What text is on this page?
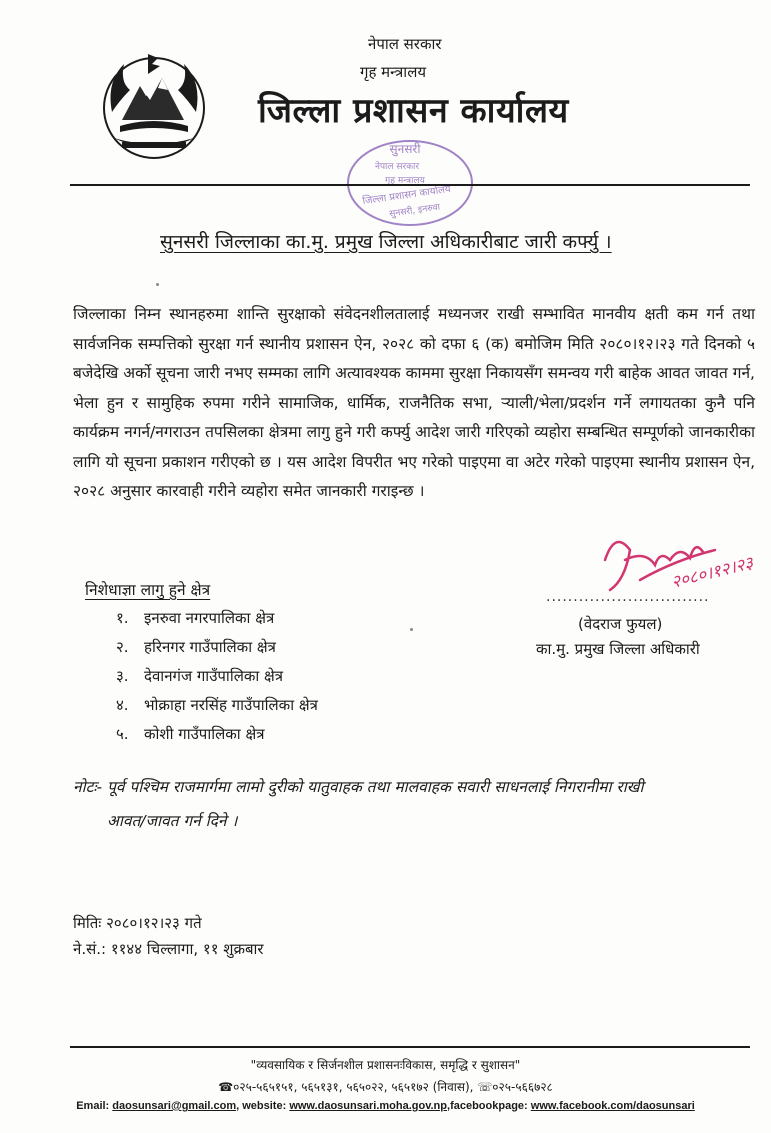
नेपाल सरकार
गृह मन्त्रालय
जिल्ला प्रशासन कार्यालय
सुनसरी
नेपाल सरकार
गृह मन्त्रालय
जिल्ला प्रशासन कार्यालय
सुनसरी, इनरुवा
सुनसरी जिल्लाका का.मु. प्रमुख जिल्ला अधिकारीबाट जारी कर्फ्यु ।
जिल्लाका निम्न स्थानहरुमा शान्ति सुरक्षाको संवेदनशीलतालाई मध्यनजर राखी सम्भावित मानवीय क्षती कम गर्न तथा सार्वजनिक सम्पत्तिको सुरक्षा गर्न स्थानीय प्रशासन ऐन, २०२८ को दफा ६ (क) बमोजिम मिति २०८०।१२।२३ गते दिनको ५ बजेदेखि अर्को सूचना जारी नभए सम्मका लागि अत्यावश्यक काममा सुरक्षा निकायसँग समन्वय गरी बाहेक आवत जावत गर्न, भेला हुन र सामुहिक रुपमा गरीने सामाजिक, धार्मिक, राजनैतिक सभा, र्‍याली/भेला/प्रदर्शन गर्ने लगायतका कुनै पनि कार्यक्रम नगर्न/नगराउन तपसिलका क्षेत्रमा लागु हुने गरी कर्फ्यु आदेश जारी गरिएको व्यहोरा सम्बन्धित सम्पूर्णको जानकारीका लागि यो सूचना प्रकाशन गरीएको छ । यस आदेश विपरीत भए गरेको पाइएमा वा अटेर गरेको पाइएमा स्थानीय प्रशासन ऐन, २०२८ अनुसार कारवाही गरीने व्यहोरा समेत जानकारी गराइन्छ ।
निशेधाज्ञा लागु हुने क्षेत्र
१. इनरुवा नगरपालिका क्षेत्र
२. हरिनगर गाउँपालिका क्षेत्र
३. देवानगंज गाउँपालिका क्षेत्र
४. भोक्राहा नरसिंह गाउँपालिका क्षेत्र
५. कोशी गाउँपालिका क्षेत्र
२०८०।१२।२३
..............................
(वेदराज फुयल)
का.मु. प्रमुख जिल्ला अधिकारी
नोटः- पूर्व पश्चिम राजमार्गमा लामो दुरीको यातुवाहक तथा मालवाहक सवारी साधनलाई निगरानीमा राखी
आवत/जावत गर्न दिने ।
मितिः २०८०।१२।२३ गते
ने.सं.: ११४४ चिल्लागा, ११ शुक्रबार
"व्यवसायिक र सिर्जनशील प्रशासनःविकास, समृद्धि र सुशासन"
☎०२५-५६५१५१, ५६५१३१, ५६५०२२, ५६५१७२ (निवास), ☏०२५-५६६७२८
Email: daosunsari@gmail.com, website: www.daosunsari.moha.gov.np,facebookpage: www.facebook.com/daosunsari
